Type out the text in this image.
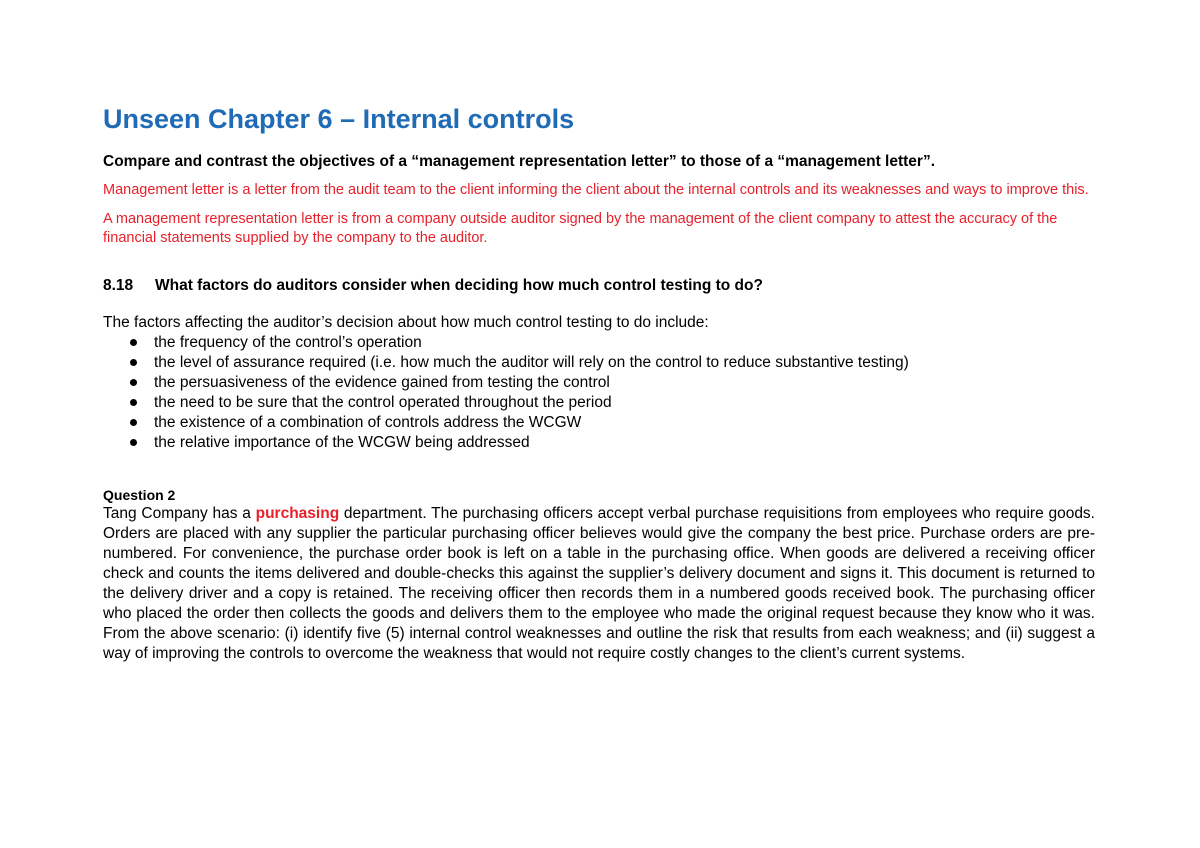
Unseen Chapter 6 – Internal controls

Compare and contrast the objectives of a “management representation letter” to those of a “management letter”.

Management letter is a letter from the audit team to the client informing the client about the internal controls and its weaknesses and ways to improve this.

A management representation letter is from a company outside auditor signed by the management of the client company to attest the accuracy of the financial statements supplied by the company to the auditor.

8.18 What factors do auditors consider when deciding how much control testing to do?

The factors affecting the auditor’s decision about how much control testing to do include:

the frequency of the control’s operation
the level of assurance required (i.e. how much the auditor will rely on the control to reduce substantive testing)
the persuasiveness of the evidence gained from testing the control
the need to be sure that the control operated throughout the period
the existence of a combination of controls address the WCGW
the relative importance of the WCGW being addressed
Question 2

Tang Company has a purchasing department. The purchasing officers accept verbal purchase requisitions from employees who require goods. Orders are placed with any supplier the particular purchasing officer believes would give the company the best price. Purchase orders are pre-numbered. For convenience, the purchase order book is left on a table in the purchasing office. When goods are delivered a receiving officer check and counts the items delivered and double-checks this against the supplier’s delivery document and signs it. This document is returned to the delivery driver and a copy is retained. The receiving officer then records them in a numbered goods received book. The purchasing officer who placed the order then collects the goods and delivers them to the employee who made the original request because they know who it was. From the above scenario: (i) identify five (5) internal control weaknesses and outline the risk that results from each weakness; and (ii) suggest a way of improving the controls to overcome the weakness that would not require costly changes to the client’s current systems.
